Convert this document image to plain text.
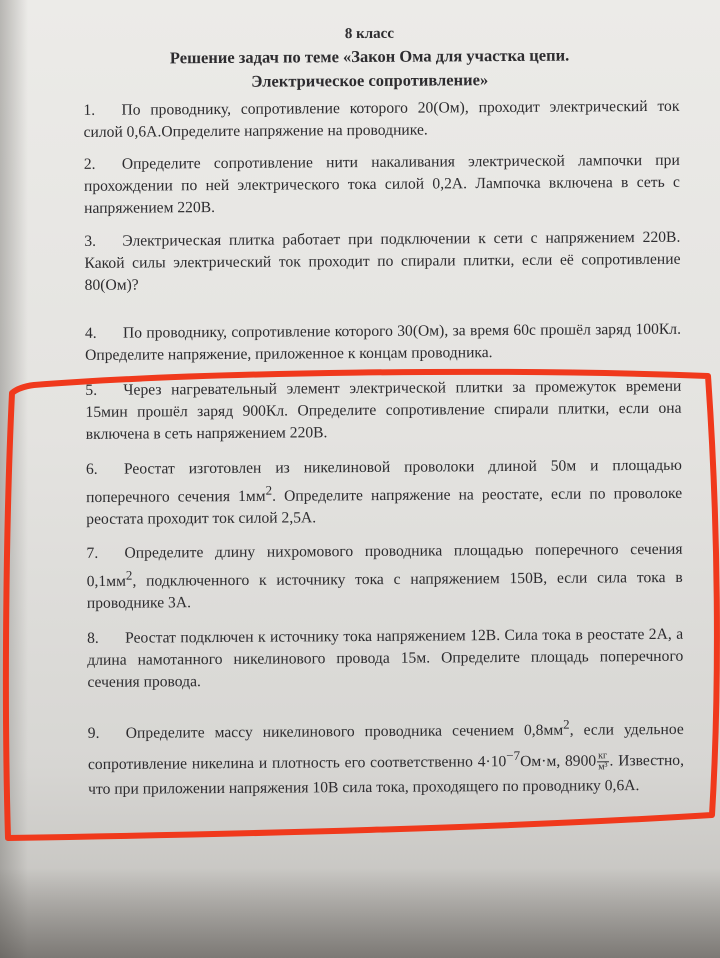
8 класс

Решение задач по теме «Закон Ома для участка цепи.

Электрическое сопротивление»

1. По проводнику, сопротивление которого 20(Ом), проходит электрический ток силой 0,6А.Определите напряжение на проводнике.

2. Определите сопротивление нити накаливания электрической лампочки при прохождении по ней электрического тока силой 0,2А. Лампочка включена в сеть с напряжением 220В.

3. Электрическая плитка работает при подключении к сети с напряжением 220В. Какой силы электрический ток проходит по спирали плитки, если её сопротивление 80(Ом)?

4. По проводнику, сопротивление которого 30(Ом), за время 60с прошёл заряд 100Кл. Определите напряжение, приложенное к концам проводника.

5. Через нагревательный элемент электрической плитки за промежуток времени 15мин прошёл заряд 900Кл. Определите сопротивление спирали плитки, если она включена в сеть напряжением 220В.

6. Реостат изготовлен из никелиновой проволоки длиной 50м и площадью поперечного сечения $1мм^2$. Определите напряжение на реостате, если по проволоке реостата проходит ток силой 2,5А.

7. Определите длину нихромового проводника площадью поперечного сечения $0,1мм^2$, подключенного к источнику тока с напряжением 150В, если сила тока в проводнике 3А.

8. Реостат подключен к источнику тока напряжением 12В. Сила тока в реостате 2А, а длина намотанного никелинового провода 15м. Определите площадь поперечного сечения провода.

9. Определите массу никелинового проводника сечением $0,8мм^2$, если удельное сопротивление никелина и плотность его соответственно $4\cdot 10^{-7}Ом\cdot м$, $8900 \frac{кг}{\text{м³}}$ . Известно, что при приложении напряжения 10В сила тока, проходящего по проводнику 0,6А.
